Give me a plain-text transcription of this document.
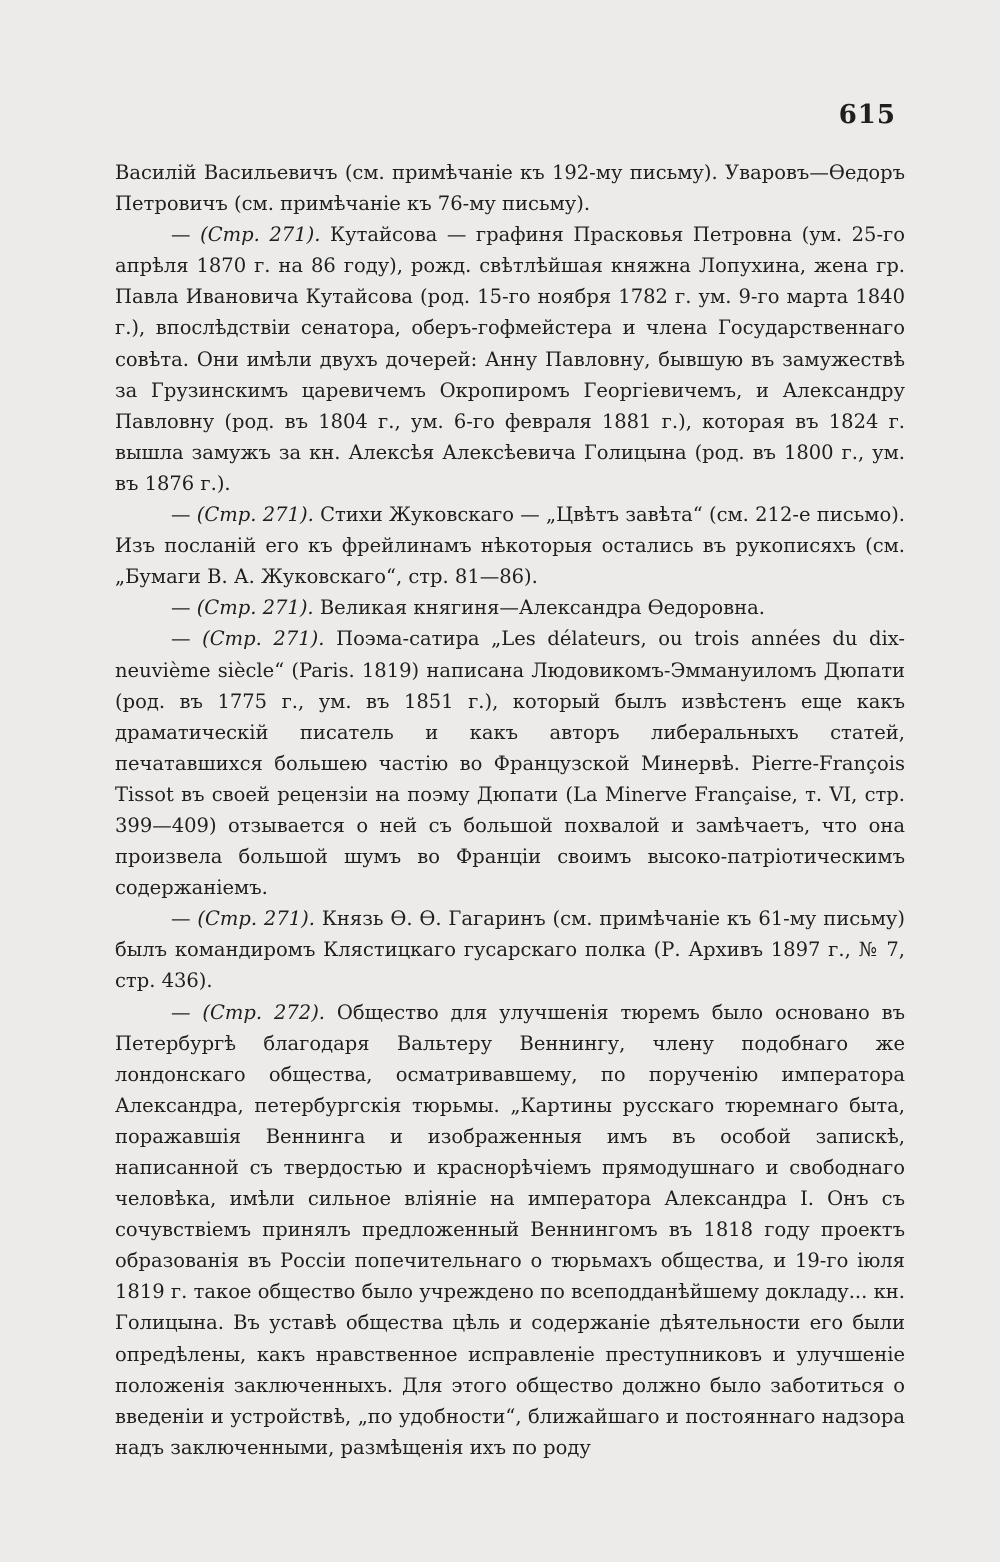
615

Василій Васильевичъ (см. примѣчаніе къ 192-му письму). Уваровъ—Ѳедоръ Петровичъ (см. примѣчаніе къ 76-му письму).

— (Стр. 271). Кутайсова — графиня Прасковья Петровна (ум. 25-го апрѣля 1870 г. на 86 году), рожд. свѣтлѣйшая княжна Лопухина, жена гр. Павла Ивановича Кутайсова (род. 15-го ноября 1782 г. ум. 9-го марта 1840 г.), впослѣдствіи сенатора, оберъ-гофмейстера и члена Государственнаго совѣта. Они имѣли двухъ дочерей: Анну Павловну, бывшую въ замужествѣ за Грузинскимъ царевичемъ Окропиромъ Георгіевичемъ, и Александру Павловну (род. въ 1804 г., ум. 6-го февраля 1881 г.), которая въ 1824 г. вышла замужъ за кн. Алексѣя Алексѣевича Голицына (род. въ 1800 г., ум. въ 1876 г.).

— (Стр. 271). Стихи Жуковскаго — „Цвѣтъ завѣта“ (см. 212-е письмо). Изъ посланій его къ фрейлинамъ нѣкоторыя остались въ рукописяхъ (см. „Бумаги В. А. Жуковскаго“, стр. 81—86).

— (Стр. 271). Великая княгиня—Александра Ѳедоровна.

— (Стр. 271). Поэма-сатира „Les délateurs, ou trois années du dix-neuvième siècle“ (Paris. 1819) написана Людовикомъ-Эммануиломъ Дюпати (род. въ 1775 г., ум. въ 1851 г.), который былъ извѣстенъ еще какъ драматическій писатель и какъ авторъ либеральныхъ статей, печатавшихся большею частію во Французской Минервѣ. Pierre-François Tissot въ своей рецензіи на поэму Дюпати (La Minerve Française, т. VI, стр. 399—409) отзывается о ней съ большой похвалой и замѣчаетъ, что она произвела большой шумъ во Франціи своимъ высоко-патріотическимъ содержаніемъ.

— (Стр. 271). Князь Ѳ. Ѳ. Гагаринъ (см. примѣчаніе къ 61-му письму) былъ командиромъ Клястицкаго гусарскаго полка (Р. Архивъ 1897 г., № 7, стр. 436).

— (Стр. 272). Общество для улучшенія тюремъ было основано въ Петербургѣ благодаря Вальтеру Веннингу, члену подобнаго же лондонскаго общества, осматривавшему, по порученію императора Александра, петербургскія тюрьмы. „Картины русскаго тюремнаго быта, поражавшія Веннинга и изображенныя имъ въ особой запискѣ, написанной съ твердостью и краснорѣчіемъ прямодушнаго и свободнаго человѣка, имѣли сильное вліяніе на императора Александра I. Онъ съ сочувствіемъ принялъ предложенный Веннингомъ въ 1818 году проектъ образованія въ Россіи попечительнаго о тюрьмахъ общества, и 19-го іюля 1819 г. такое общество было учреждено по всеподданѣйшему докладу... кн. Голицына. Въ уставѣ общества цѣль и содержаніе дѣятельности его были опредѣлены, какъ нравственное исправленіе преступниковъ и улучшеніе положенія заключенныхъ. Для этого общество должно было заботиться о введеніи и устройствѣ, „по удобности“, ближайшаго и постояннаго надзора надъ заключенными, размѣщенія ихъ по роду
